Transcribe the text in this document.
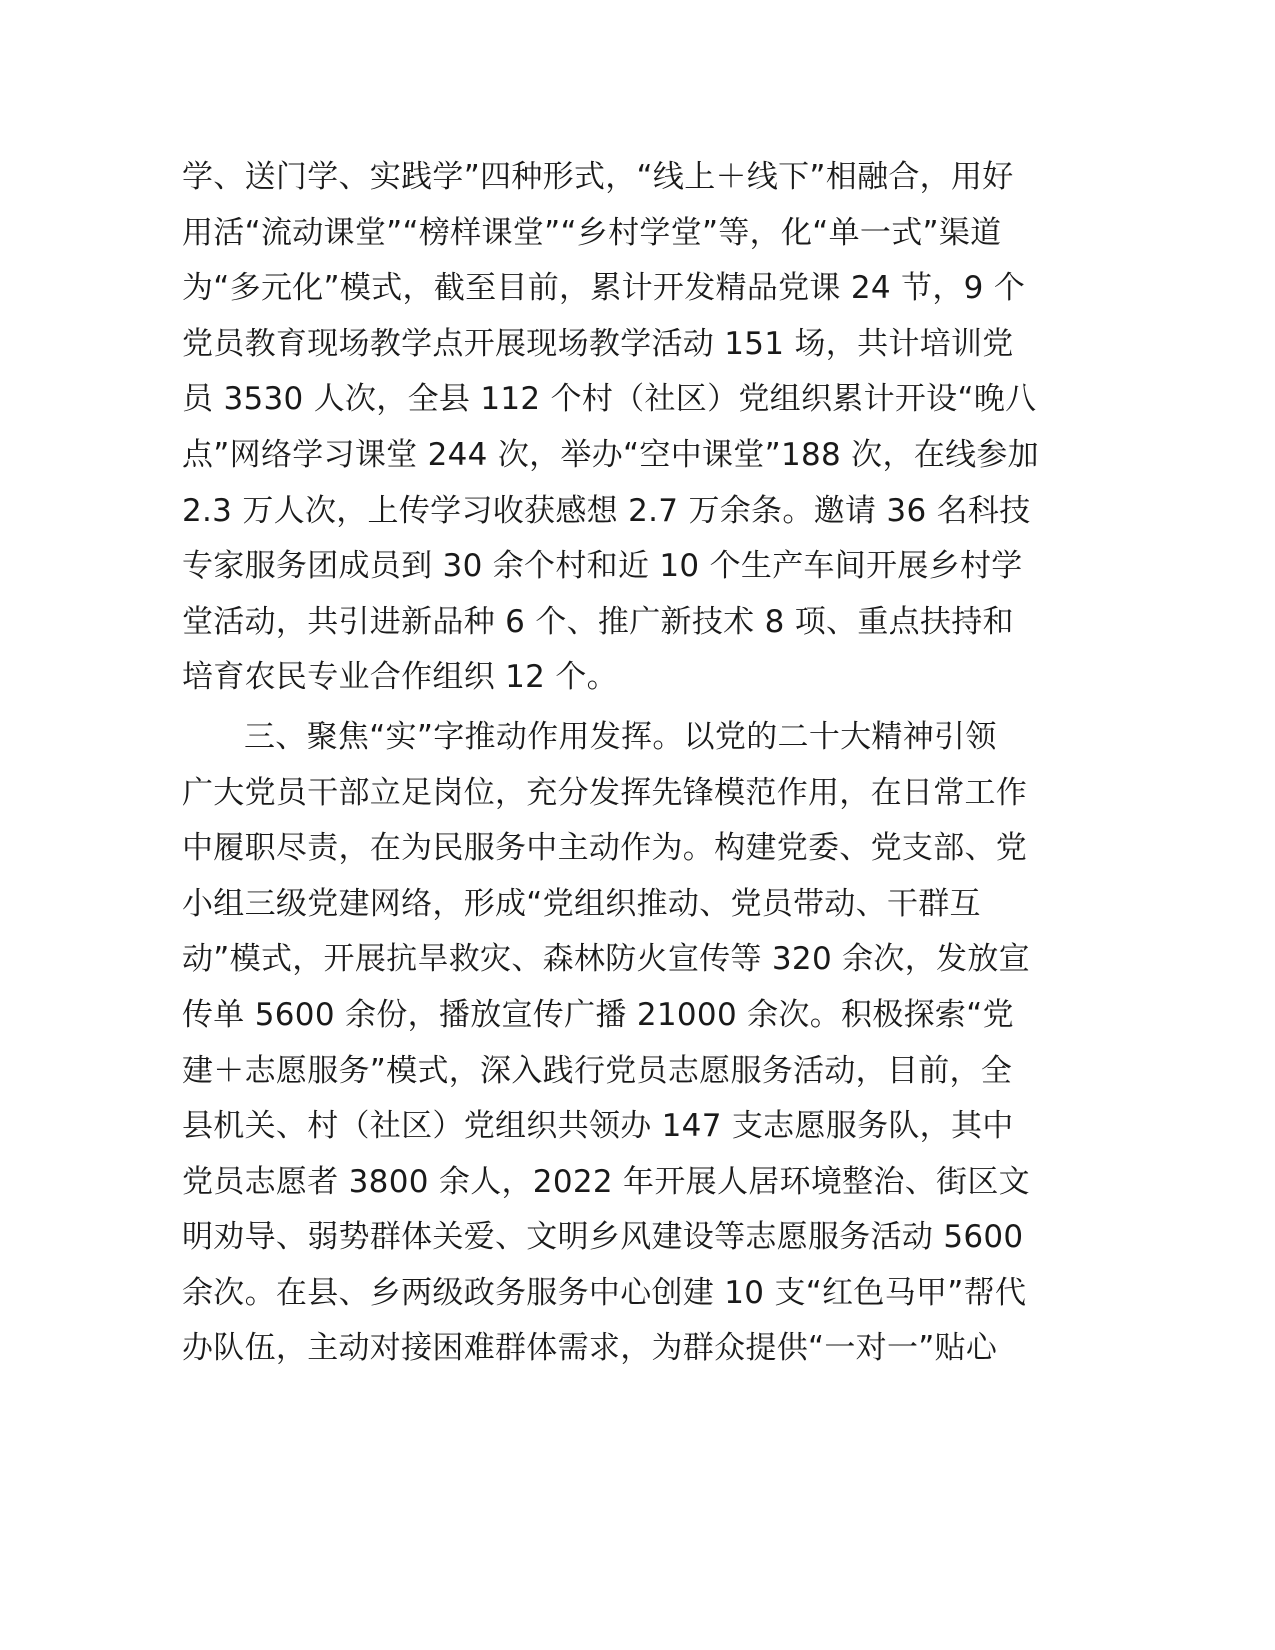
学、送门学、实践学”四种形式，“线上＋线下”相融合，用好
用活“流动课堂”“榜样课堂”“乡村学堂”等，化“单一式”渠道
为“多元化”模式，截至目前，累计开发精品党课 24 节，9 个
党员教育现场教学点开展现场教学活动 151 场，共计培训党
员 3530 人次，全县 112 个村（社区）党组织累计开设“晚八
点”网络学习课堂 244 次，举办“空中课堂”188 次，在线参加
2.3 万人次，上传学习收获感想 2.7 万余条。邀请 36 名科技
专家服务团成员到 30 余个村和近 10 个生产车间开展乡村学
堂活动，共引进新品种 6 个、推广新技术 8 项、重点扶持和
培育农民专业合作组织 12 个。
三、聚焦“实”字推动作用发挥。以党的二十大精神引领
广大党员干部立足岗位，充分发挥先锋模范作用，在日常工作
中履职尽责，在为民服务中主动作为。构建党委、党支部、党
小组三级党建网络，形成“党组织推动、党员带动、干群互
动”模式，开展抗旱救灾、森林防火宣传等 320 余次，发放宣
传单 5600 余份，播放宣传广播 21000 余次。积极探索“党
建＋志愿服务”模式，深入践行党员志愿服务活动，目前，全
县机关、村（社区）党组织共领办 147 支志愿服务队，其中
党员志愿者 3800 余人，2022 年开展人居环境整治、街区文
明劝导、弱势群体关爱、文明乡风建设等志愿服务活动 5600
余次。在县、乡两级政务服务中心创建 10 支“红色马甲”帮代
办队伍，主动对接困难群体需求，为群众提供“一对一”贴心
